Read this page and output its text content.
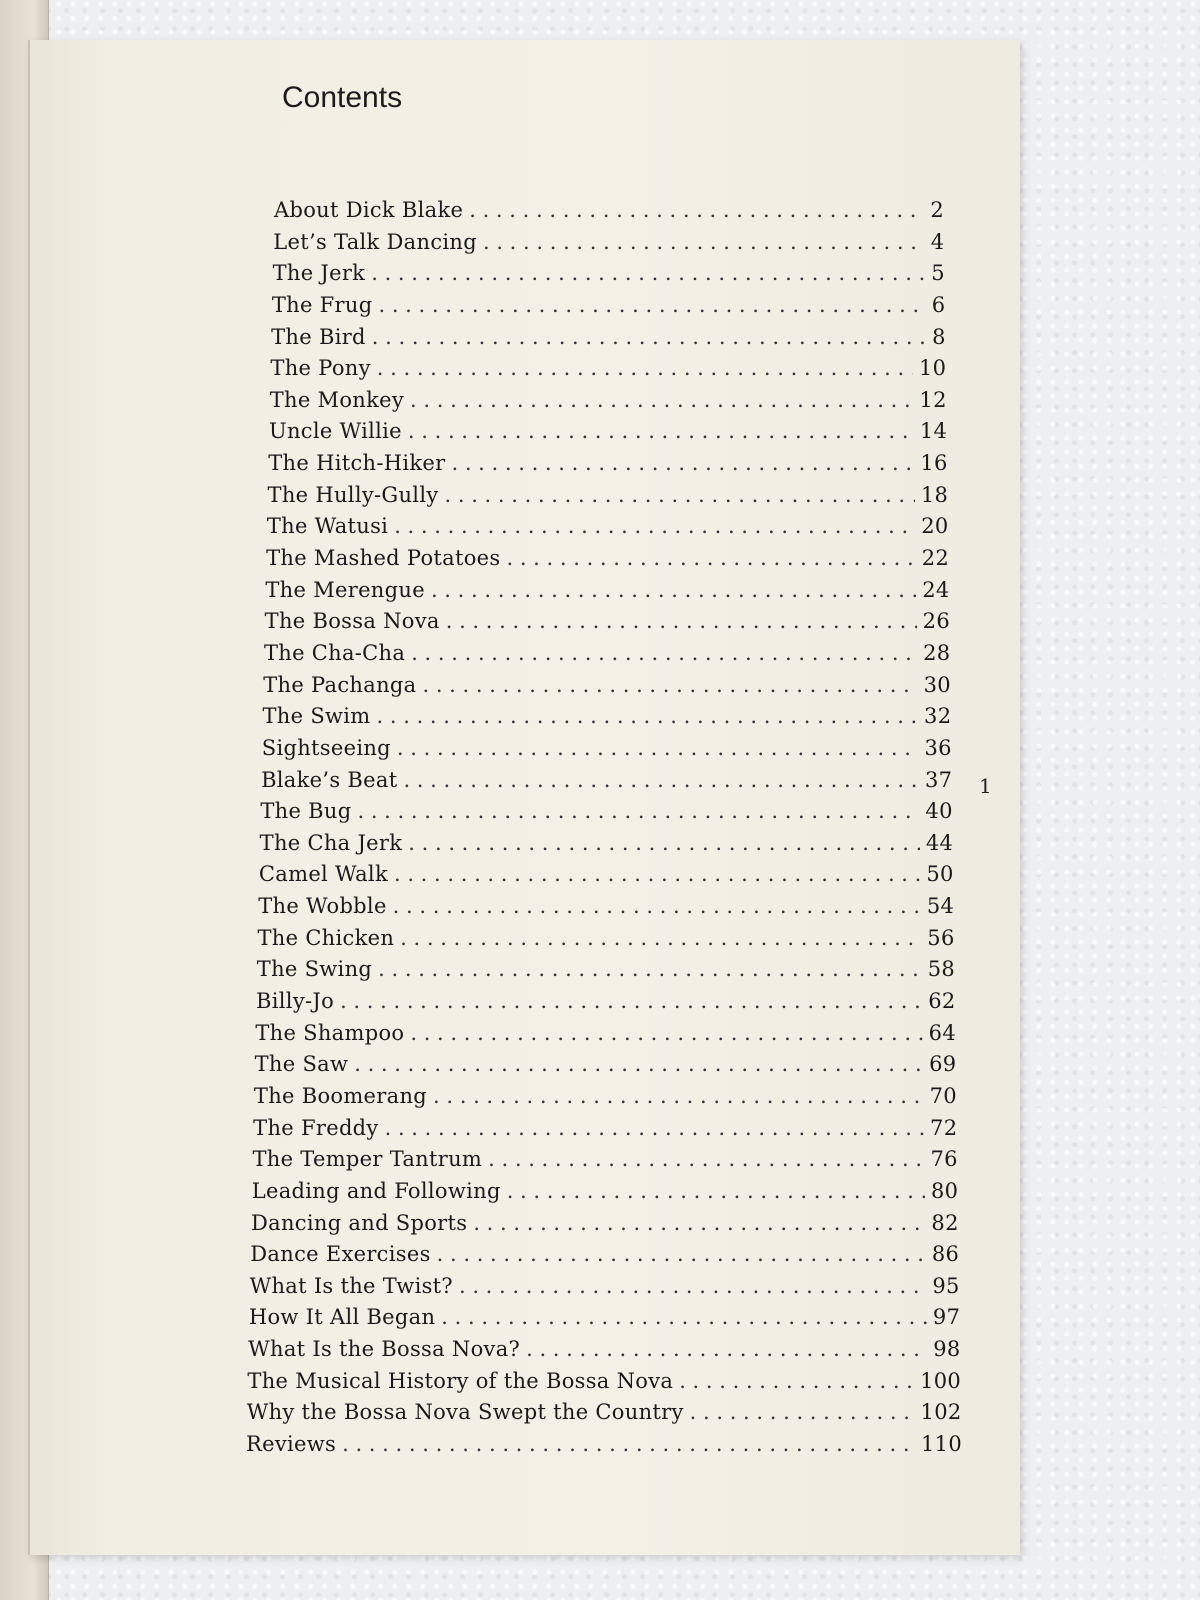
Contents
About Dick Blake . . .	2
Let’s Talk Dancing . . .	4
The Jerk . . .	5
The Frug . . .	6
The Bird . . .	8
The Pony . . .	10
The Monkey . . .	12
Uncle Willie . . .	14
The Hitch-Hiker . . .	16
The Hully-Gully . . .	18
The Watusi . . .	20
The Mashed Potatoes . . .	22
The Merengue . . .	24
The Bossa Nova . . .	26
The Cha-Cha . . .	28
The Pachanga . . .	30
The Swim . . .	32
Sightseeing . . .	36
Blake’s Beat . . .	37
The Bug . . .	40
The Cha Jerk . . .	44
Camel Walk . . .	50
The Wobble . . .	54
The Chicken . . .	56
The Swing . . .	58
Billy-Jo . . .	62
The Shampoo . . .	64
The Saw . . .	69
The Boomerang . . .	70
The Freddy . . .	72
The Temper Tantrum . . .	76
Leading and Following . . .	80
Dancing and Sports . . .	82
Dance Exercises . . .	86
What Is the Twist? . . .	95
How It All Began . . .	97
What Is the Bossa Nova? . . .	98
The Musical History of the Bossa Nova . . .	100
Why the Bossa Nova Swept the Country . . .	102
Reviews . . .	110
1
